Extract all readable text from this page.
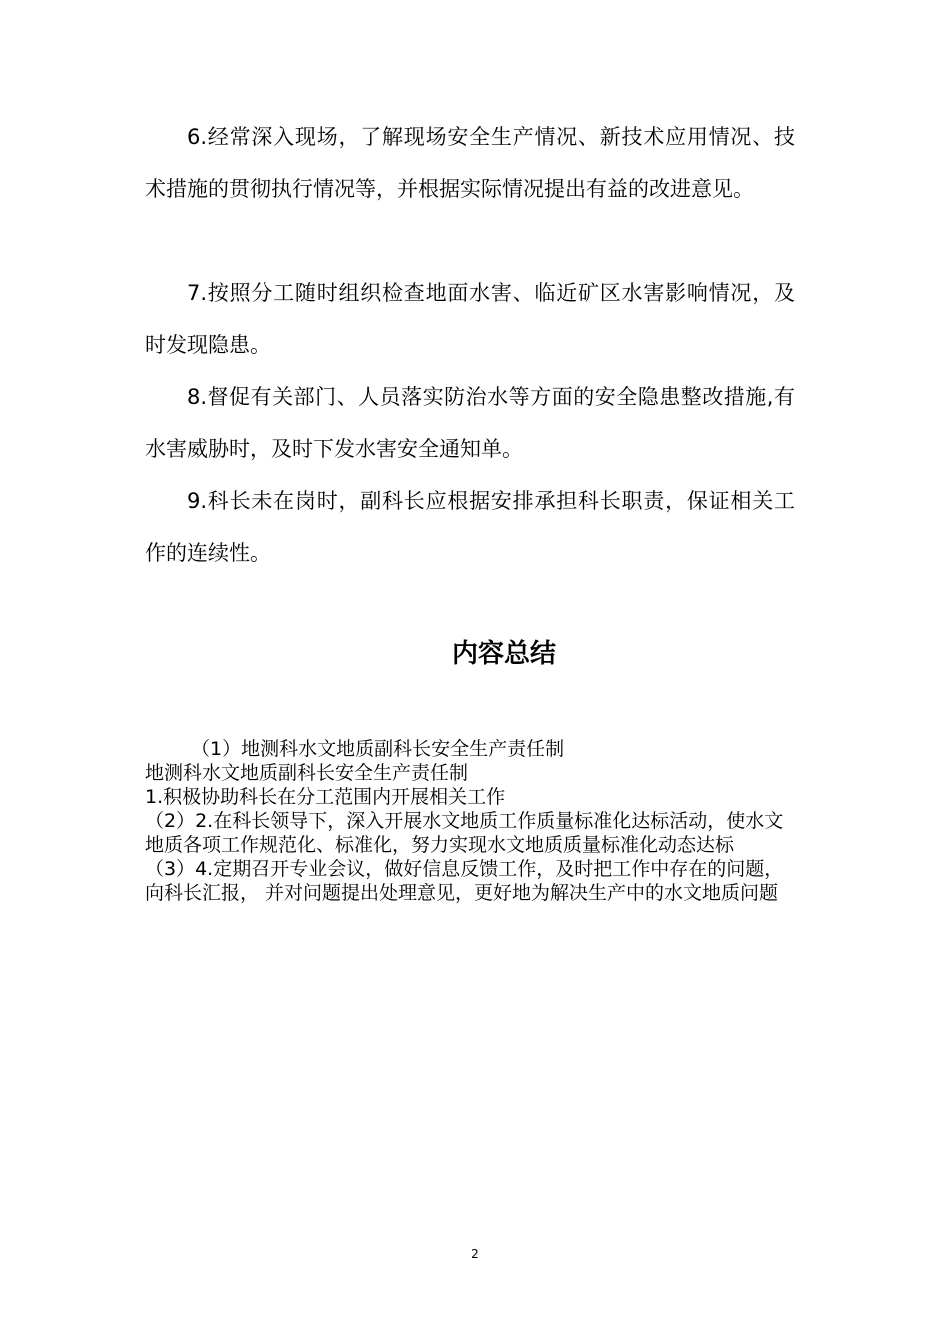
6.经常深入现场，了解现场安全生产情况、新技术应用情况、技术措施的贯彻执行情况等，并根据实际情况提出有益的改进意见。

7.按照分工随时组织检查地面水害、临近矿区水害影响情况，及时发现隐患。

8.督促有关部门、人员落实防治水等方面的安全隐患整改措施,有水害威胁时，及时下发水害安全通知单。

9.科长未在岗时，副科长应根据安排承担科长职责，保证相关工作的连续性。

内容总结

（1）地测科水文地质副科长安全生产责任制

地测科水文地质副科长安全生产责任制

1.积极协助科长在分工范围内开展相关工作

（2）2.在科长领导下，深入开展水文地质工作质量标准化达标活动，使水文地质各项工作规范化、标准化，努力实现水文地质质量标准化动态达标

（3）4.定期召开专业会议，做好信息反馈工作，及时把工作中存在的问题，向科长汇报， 并对问题提出处理意见，更好地为解决生产中的水文地质问题

2
